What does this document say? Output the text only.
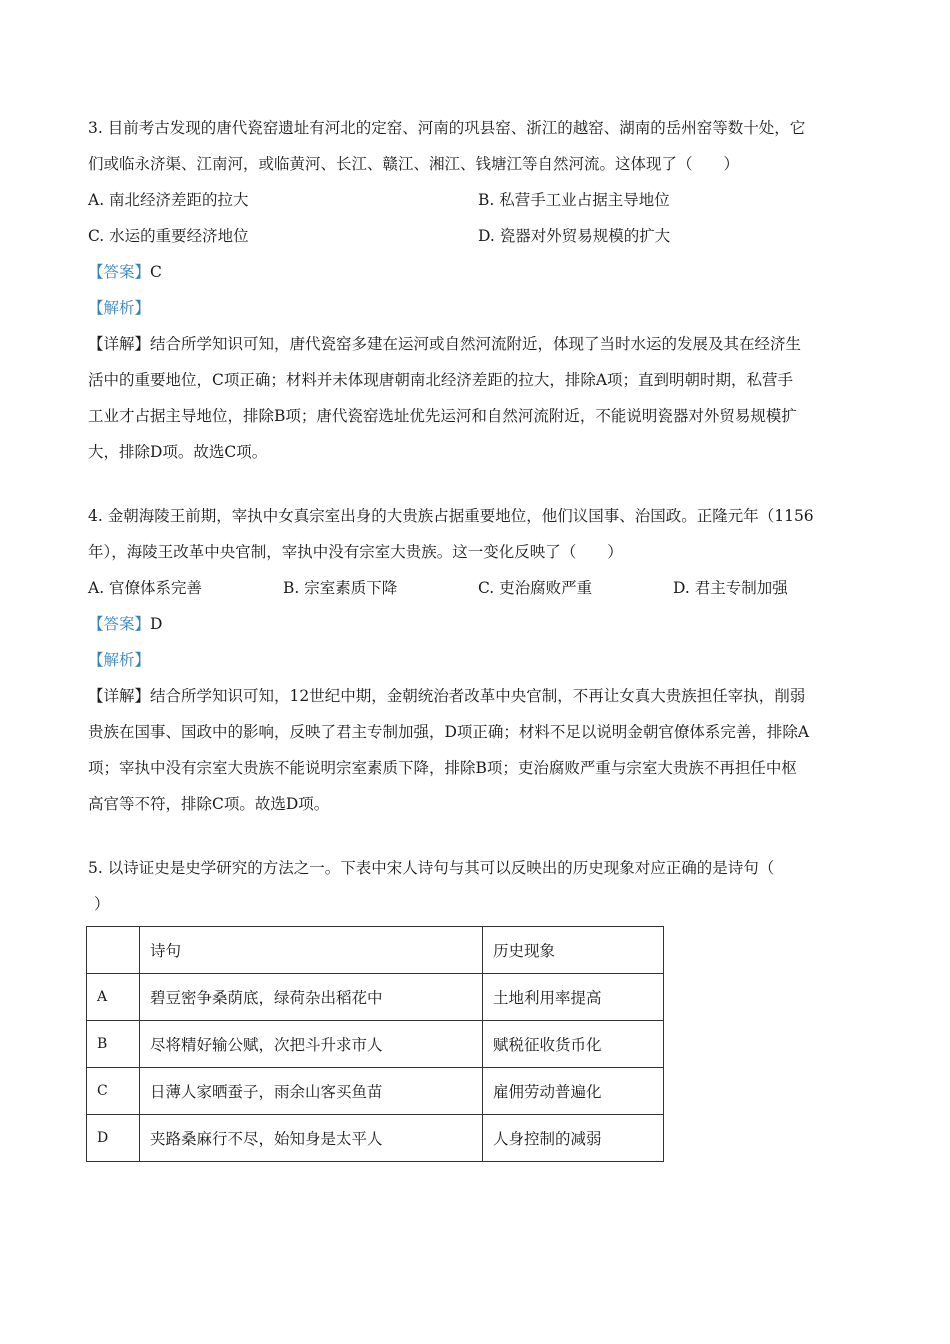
3. 目前考古发现的唐代瓷窑遗址有河北的定窑、河南的巩县窑、浙江的越窑、湖南的岳州窑等数十处，它

们或临永济渠、江南河，或临黄河、长江、赣江、湘江、钱塘江等自然河流。这体现了（　　）

A. 南北经济差距的拉大	B. 私营手工业占据主导地位

C. 水运的重要经济地位	D. 瓷器对外贸易规模的扩大

【答案】C

【解析】

【详解】结合所学知识可知，唐代瓷窑多建在运河或自然河流附近，体现了当时水运的发展及其在经济生

活中的重要地位，C项正确；材料并未体现唐朝南北经济差距的拉大，排除A项；直到明朝时期，私营手

工业才占据主导地位，排除B项；唐代瓷窑选址优先运河和自然河流附近，不能说明瓷器对外贸易规模扩

大，排除D项。故选C项。

4. 金朝海陵王前期，宰执中女真宗室出身的大贵族占据重要地位，他们议国事、治国政。正隆元年（1156

年），海陵王改革中央官制，宰执中没有宗室大贵族。这一变化反映了（　　）

A. 官僚体系完善	B. 宗室素质下降	C. 吏治腐败严重	D. 君主专制加强

【答案】D

【解析】

【详解】结合所学知识可知，12世纪中期，金朝统治者改革中央官制，不再让女真大贵族担任宰执，削弱

贵族在国事、国政中的影响，反映了君主专制加强，D项正确；材料不足以说明金朝官僚体系完善，排除A

项；宰执中没有宗室大贵族不能说明宗室素质下降，排除B项；吏治腐败严重与宗室大贵族不再担任中枢

高官等不符，排除C项。故选D项。

5. 以诗证史是史学研究的方法之一。下表中宋人诗句与其可以反映出的历史现象对应正确的是诗句（

）

	诗句	历史现象
A	碧豆密争桑荫底，绿荷杂出稻花中	土地利用率提高
B	尽将精好输公赋，次把斗升求市人	赋税征收货币化
C	日薄人家晒蚕子，雨余山客买鱼苗	雇佣劳动普遍化
D	夹路桑麻行不尽，始知身是太平人	人身控制的减弱
